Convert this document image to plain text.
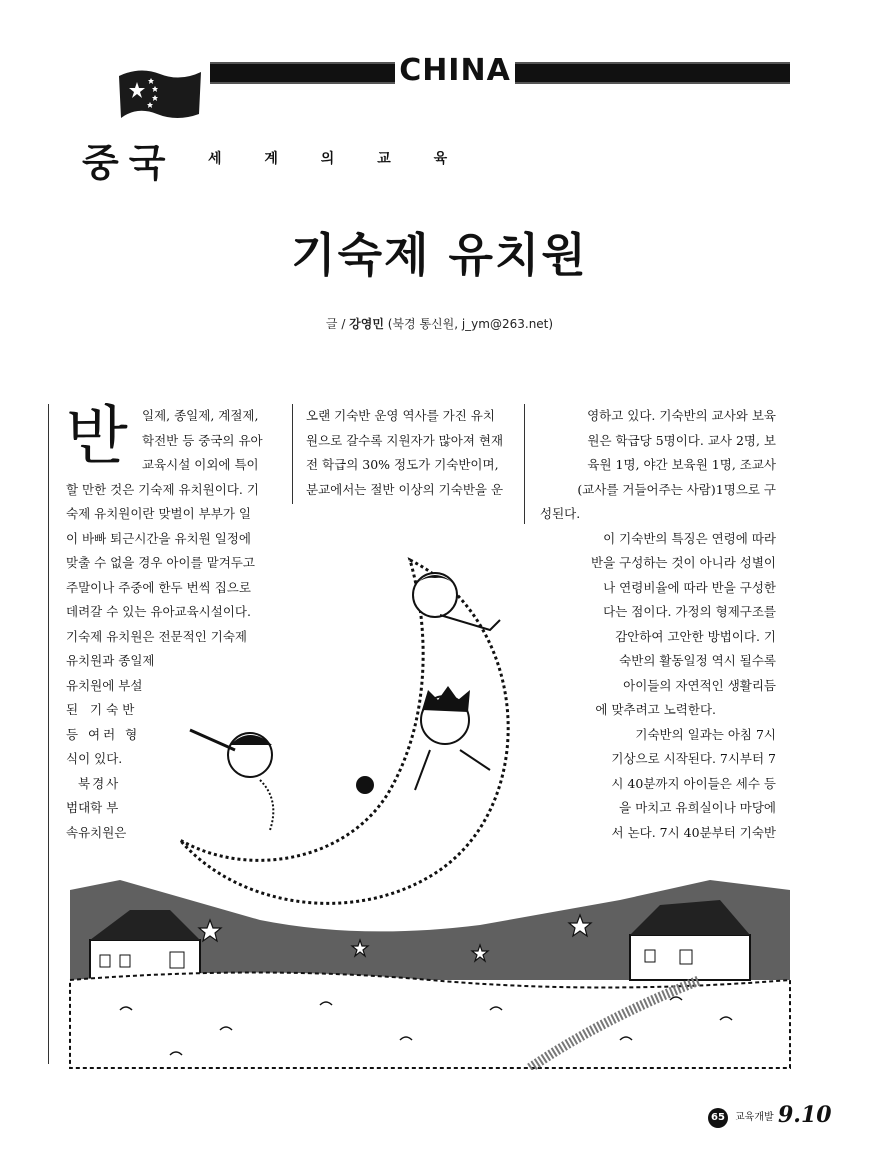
CHINA
중국 세 계 의 교 육
기숙제 유치원
글 / 강영민 (북경 통신원, j_ym@263.net)
반	일제, 종일제, 계절제,

학전반 등 중국의 유아

교육시설 이외에 특이

할 만한 것은 기숙제 유치원이다. 기

숙제 유치원이란 맞벌이 부부가 일

이 바빠 퇴근시간을 유치원 일정에

맞출 수 없을 경우 아이를 맡겨두고

주말이나 주중에 한두 번씩 집으로

데려갈 수 있는 유아교육시설이다.

기숙제 유치원은 전문적인 기숙제

유치원과 종일제

유치원에 부설

된 기숙반

등 여러 형

식이 있다.

북경사

범대학 부

속유치원은

오랜 기숙반 운영 역사를 가진 유치

원으로 갈수록 지원자가 많아져 현재

전 학급의 30% 정도가 기숙반이며,

분교에서는 절반 이상의 기숙반을 운

영하고 있다. 기숙반의 교사와 보육

원은 학급당 5명이다. 교사 2명, 보

육원 1명, 야간 보육원 1명, 조교사

(교사를 거들어주는 사람)1명으로 구

성된다.

이 기숙반의 특징은 연령에 따라

반을 구성하는 것이 아니라 성별이

나 연령비율에 따라 반을 구성한

다는 점이다. 가정의 형제구조를

감안하여 고안한 방법이다. 기

숙반의 활동일정 역시 될수록

아이들의 자연적인 생활리듬

에 맞추려고 노력한다.

기숙반의 일과는 아침 7시

기상으로 시작된다. 7시부터 7

시 40분까지 아이들은 세수 등

을 마치고 유희실이나 마당에

서 논다. 7시 40분부터 기숙반

65	교육개발 9.10
